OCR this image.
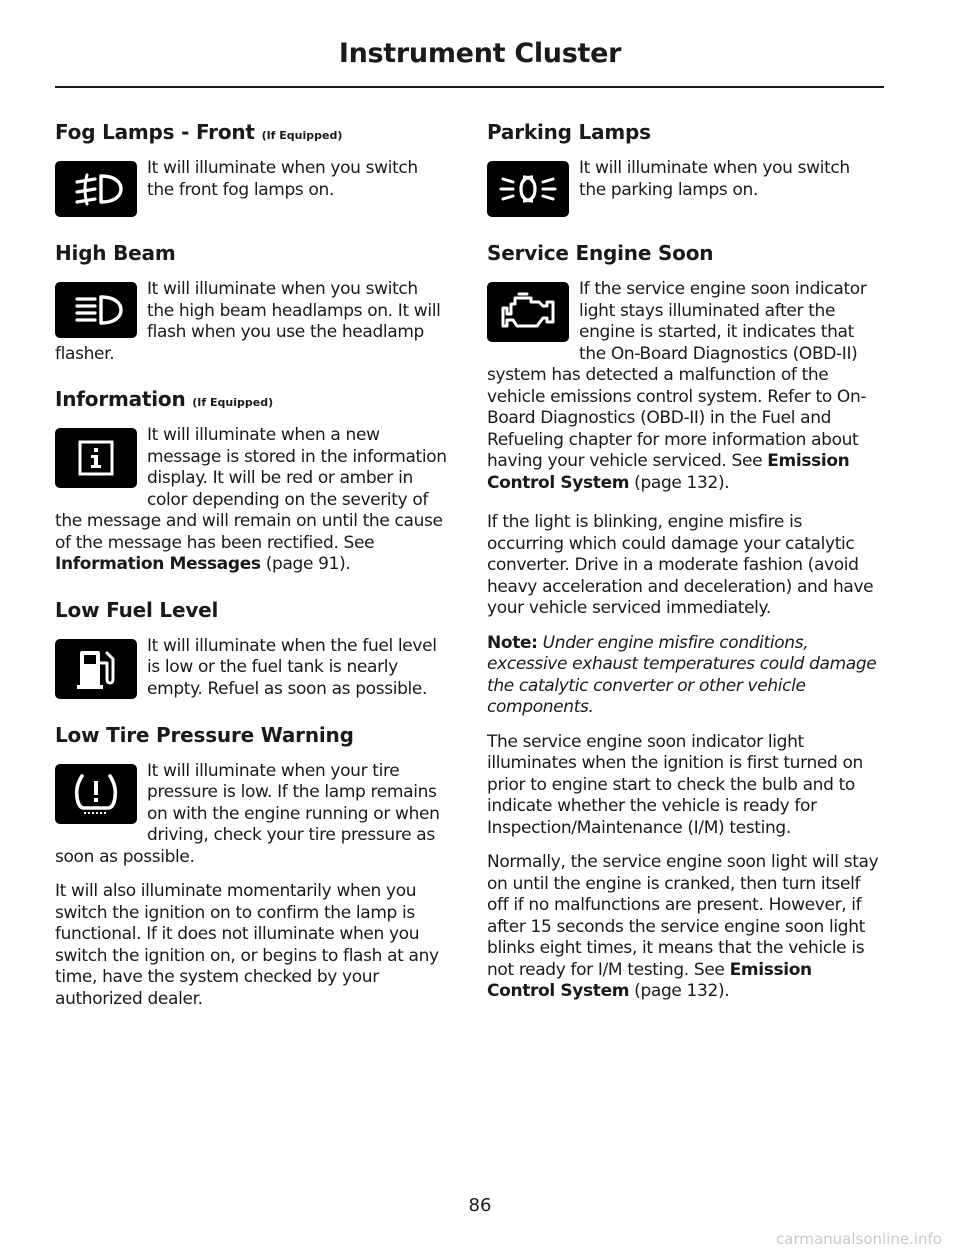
Instrument Cluster
Fog Lamps - Front (If Equipped)

It will illuminate when you switch the front fog lamps on.

High Beam

It will illuminate when you switch the high beam headlamps on. It will flash when you use the headlamp flasher.

Information (If Equipped)

It will illuminate when a new message is stored in the information display. It will be red or amber in color depending on the severity of the message and will remain on until the cause of the message has been rectified. See Information Messages (page 91).

Low Fuel Level

It will illuminate when the fuel level is low or the fuel tank is nearly empty. Refuel as soon as possible.

Low Tire Pressure Warning

It will illuminate when your tire pressure is low. If the lamp remains on with the engine running or when driving, check your tire pressure as soon as possible.

It will also illuminate momentarily when you switch the ignition on to confirm the lamp is functional. If it does not illuminate when you switch the ignition on, or begins to flash at any time, have the system checked by your authorized dealer.

Parking Lamps

It will illuminate when you switch the parking lamps on.

Service Engine Soon

If the service engine soon indicator light stays illuminated after the engine is started, it indicates that the On-Board Diagnostics (OBD-II) system has detected a malfunction of the vehicle emissions control system. Refer to On-Board Diagnostics (OBD-II) in the Fuel and Refueling chapter for more information about having your vehicle serviced. See Emission Control System (page 132).

If the light is blinking, engine misfire is occurring which could damage your catalytic converter. Drive in a moderate fashion (avoid heavy acceleration and deceleration) and have your vehicle serviced immediately.

Note: Under engine misfire conditions, excessive exhaust temperatures could damage the catalytic converter or other vehicle components.

The service engine soon indicator light illuminates when the ignition is first turned on prior to engine start to check the bulb and to indicate whether the vehicle is ready for Inspection/Maintenance (I/M) testing.

Normally, the service engine soon light will stay on until the engine is cranked, then turn itself off if no malfunctions are present. However, if after 15 seconds the service engine soon light blinks eight times, it means that the vehicle is not ready for I/M testing. See Emission Control System (page 132).

86
carmanualsonline.info
